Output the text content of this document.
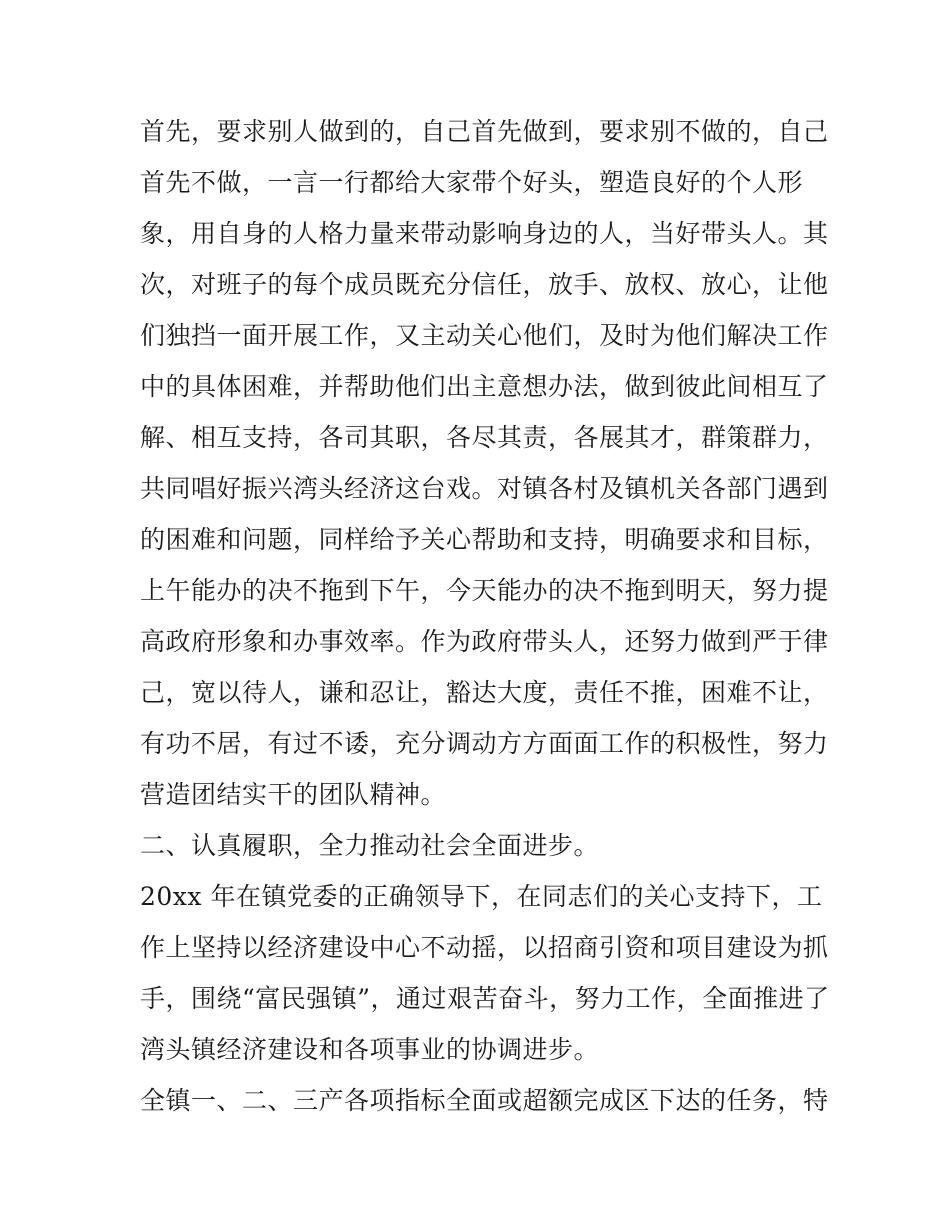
首先，要求别人做到的，自己首先做到，要求别不做的，自己
首先不做，一言一行都给大家带个好头，塑造良好的个人形
象，用自身的人格力量来带动影响身边的人，当好带头人。其
次，对班子的每个成员既充分信任，放手、放权、放心，让他
们独挡一面开展工作，又主动关心他们，及时为他们解决工作
中的具体困难，并帮助他们出主意想办法，做到彼此间相互了
解、相互支持，各司其职，各尽其责，各展其才，群策群力，
共同唱好振兴湾头经济这台戏。对镇各村及镇机关各部门遇到
的困难和问题，同样给予关心帮助和支持，明确要求和目标，
上午能办的决不拖到下午，今天能办的决不拖到明天，努力提
高政府形象和办事效率。作为政府带头人，还努力做到严于律
己，宽以待人，谦和忍让，豁达大度，责任不推，困难不让，
有功不居，有过不诿，充分调动方方面面工作的积极性，努力
营造团结实干的团队精神。
二、认真履职，全力推动社会全面进步。
20xx 年在镇党委的正确领导下，在同志们的关心支持下，工
作上坚持以经济建设中心不动摇，以招商引资和项目建设为抓
手，围绕“富民强镇”，通过艰苦奋斗，努力工作，全面推进了
湾头镇经济建设和各项事业的协调进步。
全镇一、二、三产各项指标全面或超额完成区下达的任务，特
